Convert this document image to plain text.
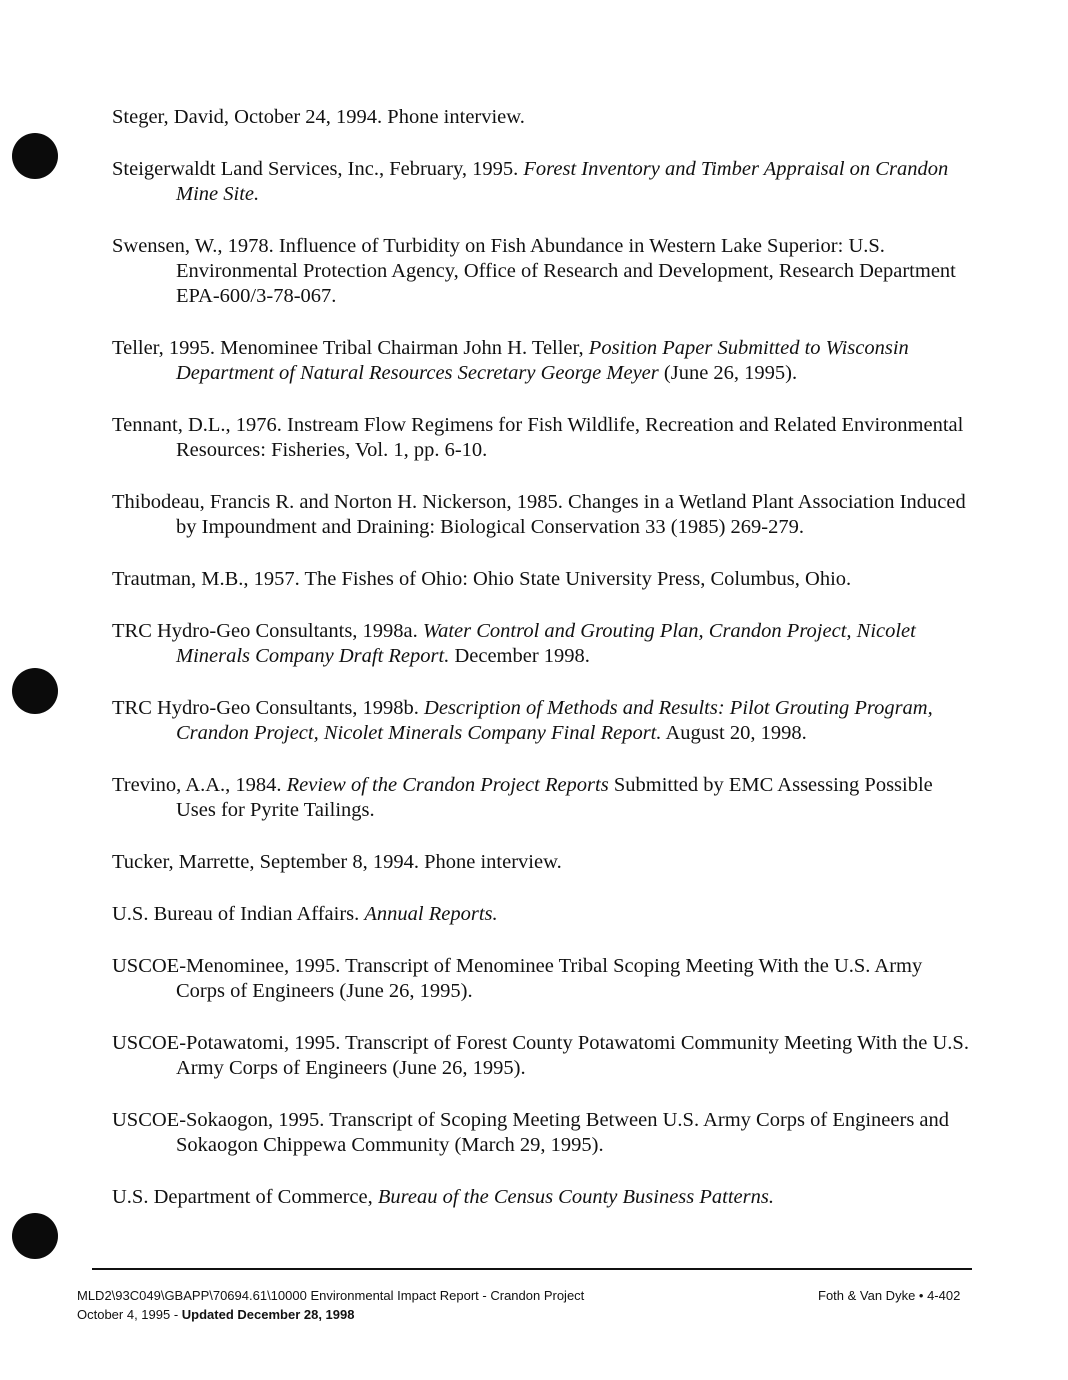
Steger, David, October 24, 1994. Phone interview.

Steigerwaldt Land Services, Inc., February, 1995. Forest Inventory and Timber Appraisal on Crandon Mine Site.

Swensen, W., 1978. Influence of Turbidity on Fish Abundance in Western Lake Superior: U.S. Environmental Protection Agency, Office of Research and Development, Research Department EPA-600/3-78-067.

Teller, 1995. Menominee Tribal Chairman John H. Teller, Position Paper Submitted to Wisconsin Department of Natural Resources Secretary George Meyer (June 26, 1995).

Tennant, D.L., 1976. Instream Flow Regimens for Fish Wildlife, Recreation and Related Environmental Resources: Fisheries, Vol. 1, pp. 6-10.

Thibodeau, Francis R. and Norton H. Nickerson, 1985. Changes in a Wetland Plant Association Induced by Impoundment and Draining: Biological Conservation 33 (1985) 269-279.

Trautman, M.B., 1957. The Fishes of Ohio: Ohio State University Press, Columbus, Ohio.

TRC Hydro-Geo Consultants, 1998a. Water Control and Grouting Plan, Crandon Project, Nicolet Minerals Company Draft Report. December 1998.

TRC Hydro-Geo Consultants, 1998b. Description of Methods and Results: Pilot Grouting Program, Crandon Project, Nicolet Minerals Company Final Report. August 20, 1998.

Trevino, A.A., 1984. Review of the Crandon Project Reports Submitted by EMC Assessing Possible Uses for Pyrite Tailings.

Tucker, Marrette, September 8, 1994. Phone interview.

U.S. Bureau of Indian Affairs. Annual Reports.

USCOE-Menominee, 1995. Transcript of Menominee Tribal Scoping Meeting With the U.S. Army Corps of Engineers (June 26, 1995).

USCOE-Potawatomi, 1995. Transcript of Forest County Potawatomi Community Meeting With the U.S. Army Corps of Engineers (June 26, 1995).

USCOE-Sokaogon, 1995. Transcript of Scoping Meeting Between U.S. Army Corps of Engineers and Sokaogon Chippewa Community (March 29, 1995).

U.S. Department of Commerce, Bureau of the Census County Business Patterns.

MLD2\93C049\GBAPP\70694.61\10000 Environmental Impact Report - Crandon Project
October 4, 1995 - Updated December 28, 1998
Foth & Van Dyke • 4-402
